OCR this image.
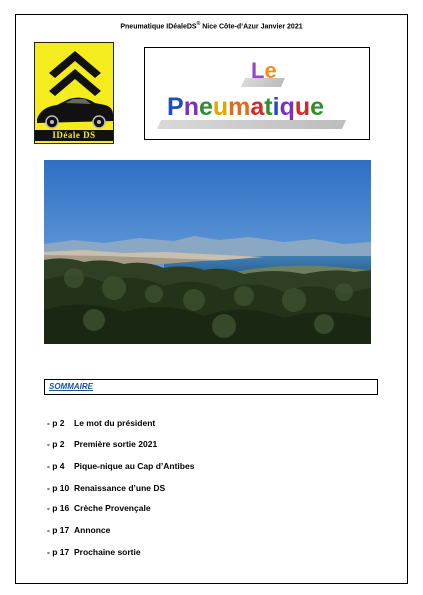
Pneumatique IDéaleDS® Nice Côte-d’Azur Janvier 2021
IDéale DS
Le
Pneumatique
SOMMAIRE
- p 2 Le mot du président
- p 2 Première sortie 2021
- p 4 Pique-nique au Cap d’Antibes
- p 10 Renaissance d’une DS
- p 16 Crèche Provençale
- p 17 Annonce
- p 17 Prochaine sortie
